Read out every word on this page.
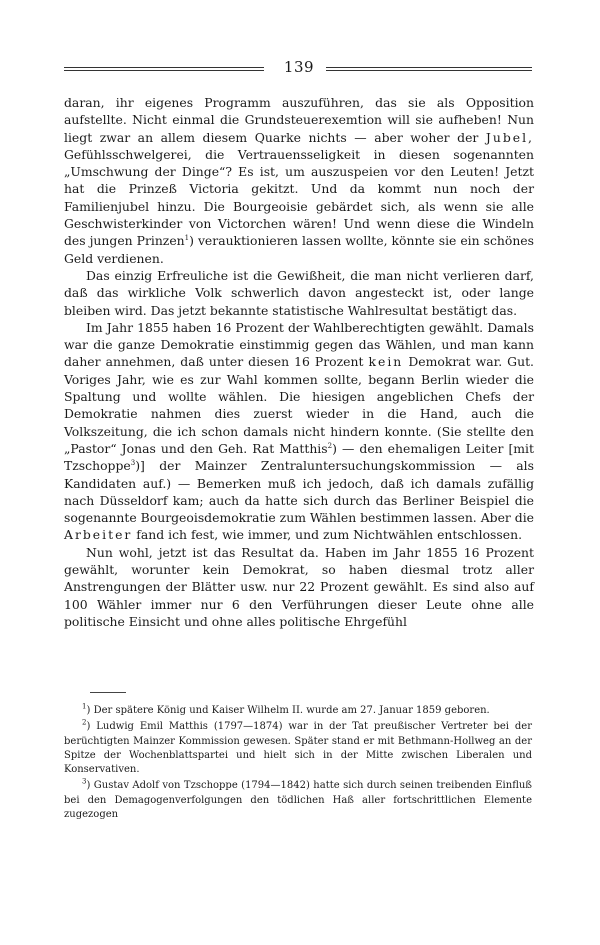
139

daran, ihr eigenes Programm auszuführen, das sie als Opposition aufstellte. Nicht einmal die Grundsteuerexemtion will sie aufheben! Nun liegt zwar an allem diesem Quarke nichts — aber woher der Jubel, Gefühlsschwelgerei, die Vertrauensseligkeit in diesen sogenannten „Umschwung der Dinge“? Es ist, um auszuspeien vor den Leuten! Jetzt hat die Prinzeß Victoria gekitzt. Und da kommt nun noch der Familienjubel hinzu. Die Bourgeoisie gebärdet sich, als wenn sie alle Geschwisterkinder von Victorchen wären! Und wenn diese die Windeln des jungen Prinzen$^1$) verauktionieren lassen wollte, könnte sie ein schönes Geld verdienen.

Das einzig Erfreuliche ist die Gewißheit, die man nicht verlieren darf, daß das wirkliche Volk schwerlich davon angesteckt ist, oder lange bleiben wird. Das jetzt bekannte statistische Wahlresultat bestätigt das.

Im Jahr 1855 haben 16 Prozent der Wahlberechtigten gewählt. Damals war die ganze Demokratie einstimmig gegen das Wählen, und man kann daher annehmen, daß unter diesen 16 Prozent kein Demokrat war. Gut. Voriges Jahr, wie es zur Wahl kommen sollte, begann Berlin wieder die Spaltung und wollte wählen. Die hiesigen angeblichen Chefs der Demokratie nahmen dies zuerst wieder in die Hand, auch die Volkszeitung, die ich schon damals nicht hindern konnte. (Sie stellte den „Pastor“ Jonas und den Geh. Rat Matthis$^2$) — den ehemaligen Leiter [mit Tzschoppe$^3$)] der Mainzer Zentraluntersuchungskommission — als Kandidaten auf.) — Bemerken muß ich jedoch, daß ich damals zufällig nach Düsseldorf kam; auch da hatte sich durch das Berliner Beispiel die sogenannte Bourgeoisdemokratie zum Wählen bestimmen lassen. Aber die Arbeiter fand ich fest, wie immer, und zum Nichtwählen entschlossen.

Nun wohl, jetzt ist das Resultat da. Haben im Jahr 1855 16 Prozent gewählt, worunter kein Demokrat, so haben diesmal trotz aller Anstrengungen der Blätter usw. nur 22 Prozent gewählt. Es sind also auf 100 Wähler immer nur 6 den Verführungen dieser Leute ohne alle politische Einsicht und ohne alles politische Ehrgefühl

$^1$) Der spätere König und Kaiser Wilhelm II. wurde am 27. Januar 1859 geboren.

$^2$) Ludwig Emil Matthis (1797—1874) war in der Tat preußischer Vertreter bei der berüchtigten Mainzer Kommission gewesen. Später stand er mit Bethmann-Hollweg an der Spitze der Wochenblattspartei und hielt sich in der Mitte zwischen Liberalen und Konservativen.

$^3$) Gustav Adolf von Tzschoppe (1794—1842) hatte sich durch seinen treibenden Einfluß bei den Demagogenverfolgungen den tödlichen Haß aller fortschrittlichen Elemente zugezogen
